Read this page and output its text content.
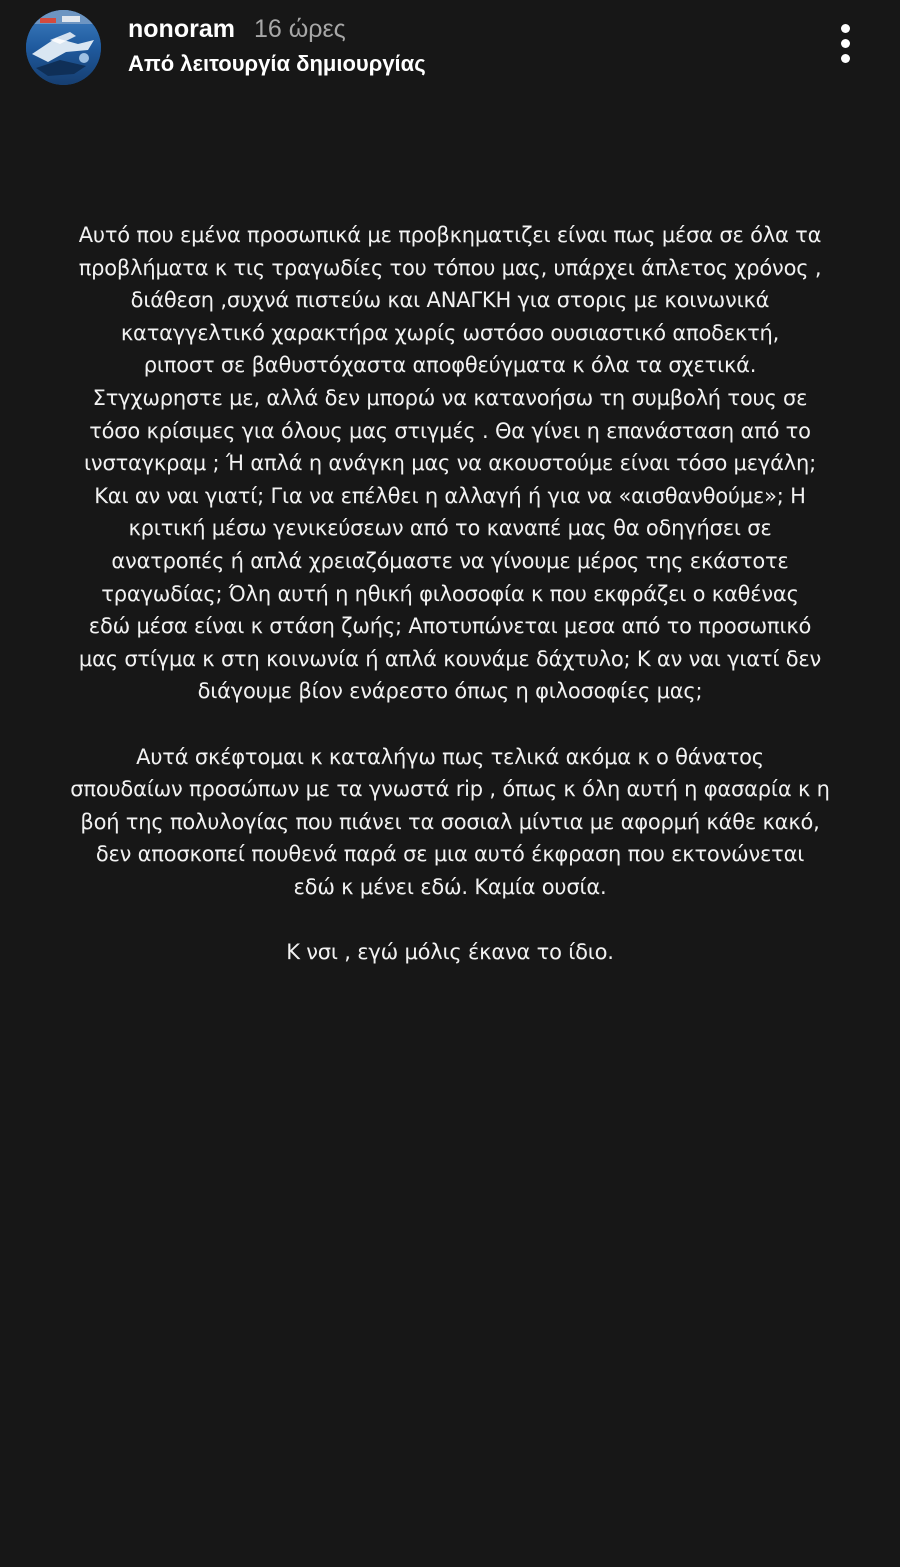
nonoram 16 ώρες
Από λειτουργία δημιουργίας
Αυτό που εμένα προσωπικά με προβκηματιζει είναι πως μέσα σε όλα τα
προβλήματα κ τις τραγωδίες του τόπου μας, υπάρχει άπλετος χρόνος ,
διάθεση ,συχνά πιστεύω και ΑΝΑΓΚΗ για στορις με κοινωνικά
καταγγελτικό χαρακτήρα χωρίς ωστόσο ουσιαστικό αποδεκτή,
ριποστ σε βαθυστόχαστα αποφθεύγματα κ όλα τα σχετικά.
Στγχωρηστε με, αλλά δεν μπορώ να κατανοήσω τη συμβολή τους σε
τόσο κρίσιμες για όλους μας στιγμές . Θα γίνει η επανάσταση από το
ινσταγκραμ ; Ή απλά η ανάγκη μας να ακουστούμε είναι τόσο μεγάλη;
Και αν ναι γιατί; Για να επέλθει η αλλαγή ή για να «αισθανθούμε»; Η
κριτική μέσω γενικεύσεων από το καναπέ μας θα οδηγήσει σε
ανατροπές ή απλά χρειαζόμαστε να γίνουμε μέρος της εκάστοτε
τραγωδίας; Όλη αυτή η ηθική φιλοσοφία κ που εκφράζει ο καθένας
εδώ μέσα είναι κ στάση ζωής; Αποτυπώνεται μεσα από το προσωπικό
μας στίγμα κ στη κοινωνία ή απλά κουνάμε δάχτυλο; Κ αν ναι γιατί δεν
διάγουμε βίον ενάρεστο όπως η φιλοσοφίες μας;
Αυτά σκέφτομαι κ καταλήγω πως τελικά ακόμα κ ο θάνατος
σπουδαίων προσώπων με τα γνωστά rip , όπως κ όλη αυτή η φασαρία κ η
βοή της πολυλογίας που πιάνει τα σοσιαλ μίντια με αφορμή κάθε κακό,
δεν αποσκοπεί πουθενά παρά σε μια αυτό έκφραση που εκτονώνεται
εδώ κ μένει εδώ. Καμία ουσία.
Κ νσι , εγώ μόλις έκανα το ίδιο.
